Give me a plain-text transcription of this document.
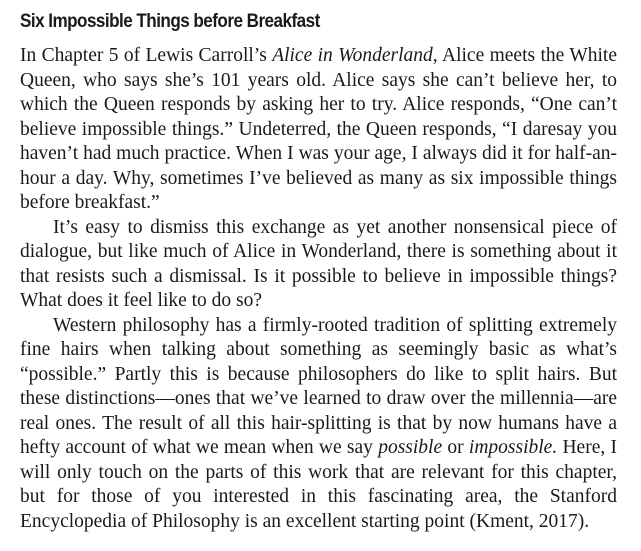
Six Impossible Things before Breakfast

In Chapter 5 of Lewis Carroll’s Alice in Wonderland, Alice meets the White Queen, who says she’s 101 years old. Alice says she can’t believe her, to which the Queen responds by asking her to try. Alice responds, “One can’t believe impossible things.” Undeterred, the Queen responds, “I daresay you haven’t had much practice. When I was your age, I always did it for half-an-hour a day. Why, sometimes I’ve believed as many as six impossible things before breakfast.”

It’s easy to dismiss this exchange as yet another nonsensical piece of dialogue, but like much of Alice in Wonderland, there is something about it that resists such a dismissal. Is it possible to believe in impossible things? What does it feel like to do so?

Western philosophy has a firmly-rooted tradition of splitting extremely fine hairs when talking about something as seemingly basic as what’s “possible.” Partly this is because philosophers do like to split hairs. But these distinctions—ones that we’ve learned to draw over the millennia—are real ones. The result of all this hair-splitting is that by now humans have a hefty account of what we mean when we say possible or impossible. Here, I will only touch on the parts of this work that are relevant for this chapter, but for those of you interested in this fascinating area, the Stanford Encyclopedia of Philosophy is an excellent starting point (Kment, 2017).
